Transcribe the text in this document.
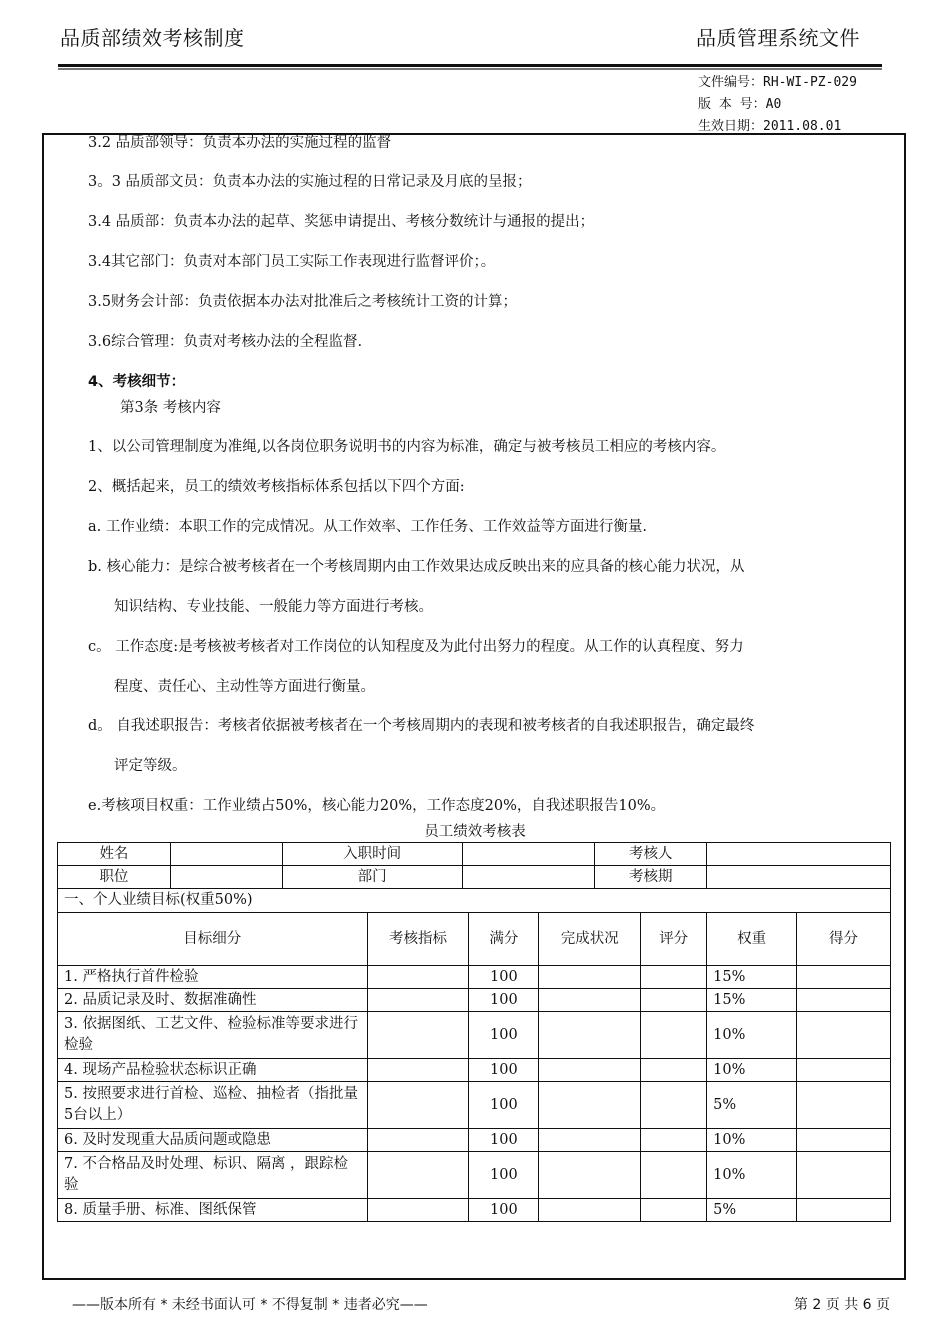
品质部绩效考核制度	品质管理系统文件
文件编号：RH-WI-PZ-029
版 本 号：A0
生效日期：2011.08.01
3.2 品质部领导：负责本办法的实施过程的监督
3。3 品质部文员：负责本办法的实施过程的日常记录及月底的呈报；
3.4 品质部：负责本办法的起草、奖惩申请提出、考核分数统计与通报的提出；
3.4其它部门：负责对本部门员工实际工作表现进行监督评价；。
3.5财务会计部：负责依据本办法对批准后之考核统计工资的计算；
3.6综合管理：负责对考核办法的全程监督.
4、考核细节：
第3条 考核内容
1、以公司管理制度为准绳,以各岗位职务说明书的内容为标准，确定与被考核员工相应的考核内容。
2、概括起来，员工的绩效考核指标体系包括以下四个方面:
a. 工作业绩：本职工作的完成情况。从工作效率、工作任务、工作效益等方面进行衡量.
b. 核心能力：是综合被考核者在一个考核周期内由工作效果达成反映出来的应具备的核心能力状况，从
知识结构、专业技能、一般能力等方面进行考核。
c。 工作态度:是考核被考核者对工作岗位的认知程度及为此付出努力的程度。从工作的认真程度、努力
程度、责任心、主动性等方面进行衡量。
d。 自我述职报告：考核者依据被考核者在一个考核周期内的表现和被考核者的自我述职报告，确定最终
评定等级。
e.考核项目权重：工作业绩占50%，核心能力20%，工作态度20%，自我述职报告10%。
员工绩效考核表
姓名		入职时间		考核人	
职位		部门		考核期	
一、个人业绩目标(权重50%)						
目标细分	考核指标	满分	完成状况	评分	权重	得分
1. 严格执行首件检验		100			15%	
2. 品质记录及时、数据准确性		100			15%	
3. 依据图纸、工艺文件、检验标准等要求进行检验		100			10%	
4. 现场产品检验状态标识正确		100			10%	
5. 按照要求进行首检、巡检、抽检者（指批量5台以上）		100			5%	
6. 及时发现重大品质问题或隐患		100			10%	
7. 不合格品及时处理、标识、隔离 ，跟踪检验		100			10%	
8. 质量手册、标准、图纸保管		100			5%	
——版本所有 * 未经书面认可 * 不得复制 * 违者必究——	第 2 页 共 6 页
